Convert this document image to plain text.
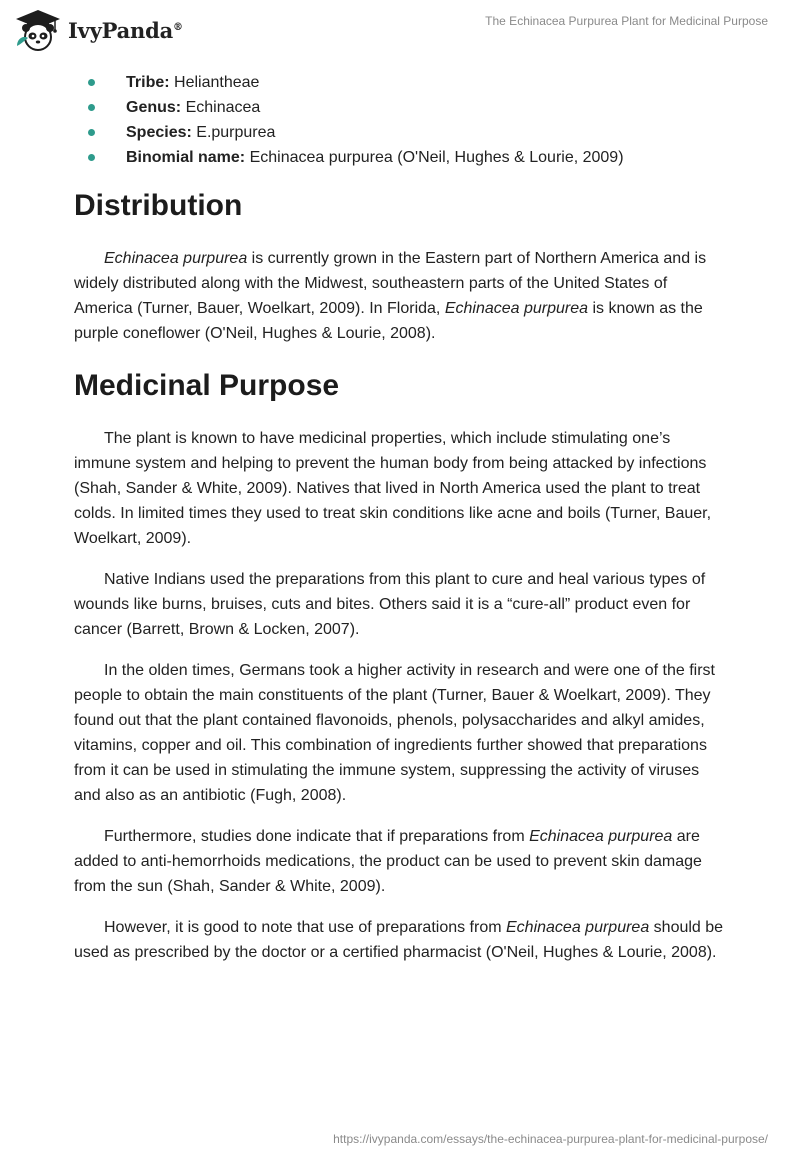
IvyPanda®	The Echinacea Purpurea Plant for Medicinal Purpose
Tribe: Heliantheae
Genus: Echinacea
Species: E.purpurea
Binomial name: Echinacea purpurea (O'Neil, Hughes & Lourie, 2009)
Distribution

Echinacea purpurea is currently grown in the Eastern part of Northern America and is widely distributed along with the Midwest, southeastern parts of the United States of America (Turner, Bauer, Woelkart, 2009). In Florida, Echinacea purpurea is known as the purple coneflower (O'Neil, Hughes & Lourie, 2008).

Medicinal Purpose

The plant is known to have medicinal properties, which include stimulating one’s immune system and helping to prevent the human body from being attacked by infections (Shah, Sander & White, 2009). Natives that lived in North America used the plant to treat colds. In limited times they used to treat skin conditions like acne and boils (Turner, Bauer, Woelkart, 2009).

Native Indians used the preparations from this plant to cure and heal various types of wounds like burns, bruises, cuts and bites. Others said it is a “cure-all” product even for cancer (Barrett, Brown & Locken, 2007).

In the olden times, Germans took a higher activity in research and were one of the first people to obtain the main constituents of the plant (Turner, Bauer & Woelkart, 2009). They found out that the plant contained flavonoids, phenols, polysaccharides and alkyl amides, vitamins, copper and oil. This combination of ingredients further showed that preparations from it can be used in stimulating the immune system, suppressing the activity of viruses and also as an antibiotic (Fugh, 2008).

Furthermore, studies done indicate that if preparations from Echinacea purpurea are added to anti-hemorrhoids medications, the product can be used to prevent skin damage from the sun (Shah, Sander & White, 2009).

However, it is good to note that use of preparations from Echinacea purpurea should be used as prescribed by the doctor or a certified pharmacist (O'Neil, Hughes & Lourie, 2008).

https://ivypanda.com/essays/the-echinacea-purpurea-plant-for-medicinal-purpose/
